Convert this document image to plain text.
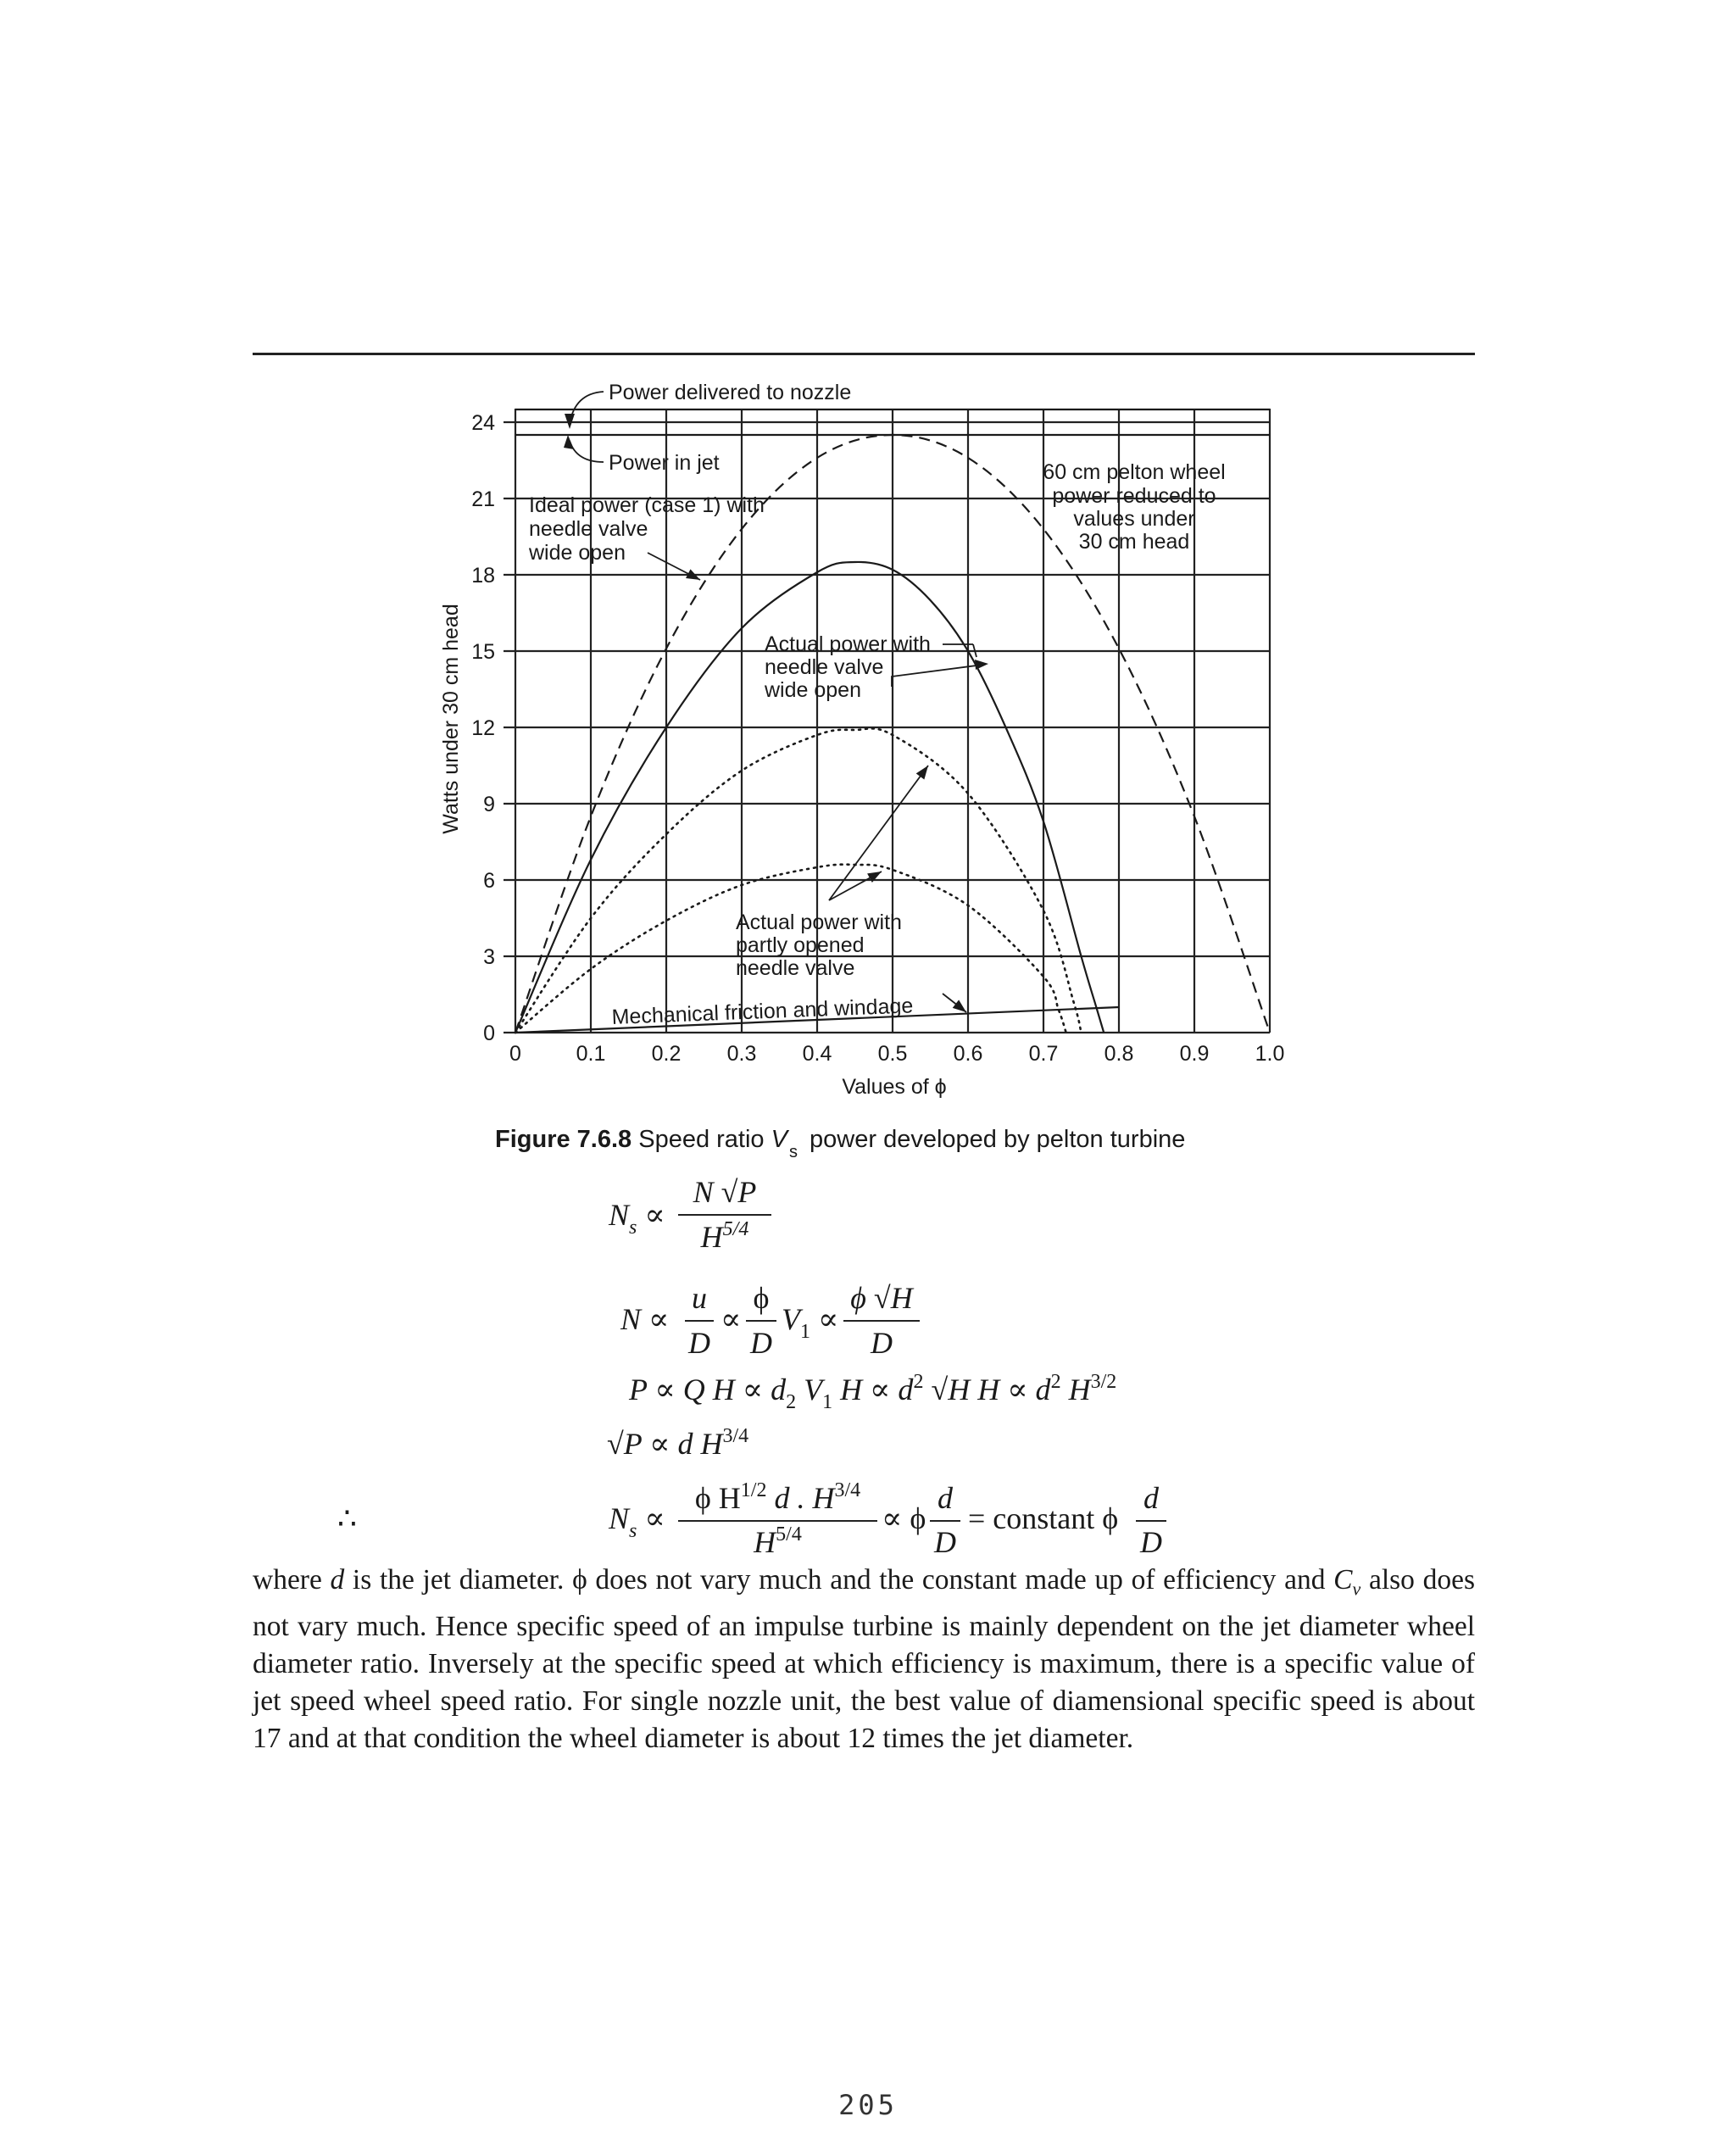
0	0.1 0.2 0.3 0.4 0.5 0.6 0.7 0.8 0.9 1.0
0
3
6
9
12
15
18
21
24
Values of ϕ
Watts under 30 cm head
Power delivered to nozzle
Power in jet
Ideal power (case 1) with
needle valve
wide open
60 cm pelton wheel
power reduced to
values under
30 cm head
Actual power with
needle valve
wide open
Actual power with
partly opened
needle valve
Mechanical friction and windage
Figure 7.6.8 Speed ratio V $_s$ power developed by pelton turbine
$N_s$ ∝
N √P
$H^{5/4}$
N ∝
u
D
∝
ϕ
D
$V_1$ ∝
ϕ √H
D
P ∝ Q $H \propto d_2$ $V_1$ $H \propto d^2$ √H $H \propto d^2$ $H^{3/2}$
√P ∝ d $H^{3/4}$
∴	$N_s$ ∝
ϕ $H^{1/2}$ d . $H^{3/4}$
$H^{5/4}$	∝ ϕ
d
D
= constant ϕ
d
D

where d is the jet diameter. ϕ does not vary much and the constant made up of efficiency and $C_v$ also does not vary much. Hence specific speed of an impulse turbine is mainly dependent on the jet diameter wheel diameter ratio. Inversely at the specific speed at which efficiency is maximum, there is a specific value of jet speed wheel speed ratio. For single nozzle unit, the best value of diamensional specific speed is about 17 and at that condition the wheel diameter is about 12 times the jet diameter.

205
